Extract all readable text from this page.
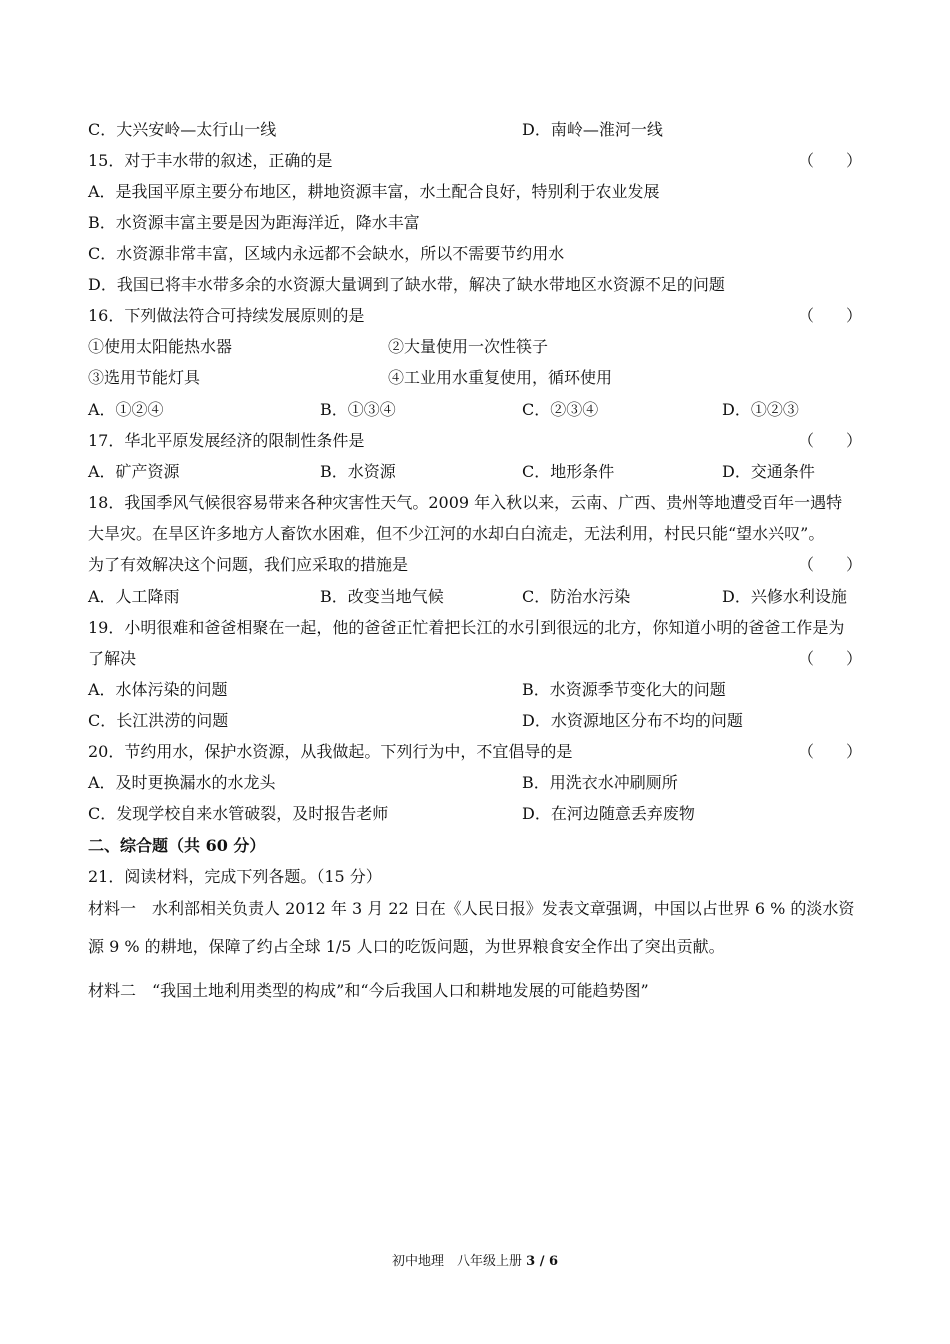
C．大兴安岭—太行山一线	D．南岭—淮河一线
15．对于丰水带的叙述，正确的是	（　　）
A．是我国平原主要分布地区，耕地资源丰富，水土配合良好，特别利于农业发展
B．水资源丰富主要是因为距海洋近，降水丰富
C．水资源非常丰富，区域内永远都不会缺水，所以不需要节约用水
D．我国已将丰水带多余的水资源大量调到了缺水带，解决了缺水带地区水资源不足的问题
16．下列做法符合可持续发展原则的是	（　　）
①使用太阳能热水器	②大量使用一次性筷子
③选用节能灯具	④工业用水重复使用，循环使用
A．①②④	B．①③④	C．②③④	D．①②③
17．华北平原发展经济的限制性条件是	（　　）
A．矿产资源	B．水资源	C．地形条件	D．交通条件
18．我国季风气候很容易带来各种灾害性天气。2009 年入秋以来，云南、广西、贵州等地遭受百年一遇特
大旱灾。在旱区许多地方人畜饮水困难，但不少江河的水却白白流走，无法利用，村民只能“望水兴叹”。
为了有效解决这个问题，我们应采取的措施是	（　　）
A．人工降雨	B．改变当地气候	C．防治水污染	D．兴修水利设施
19．小明很难和爸爸相聚在一起，他的爸爸正忙着把长江的水引到很远的北方，你知道小明的爸爸工作是为
了解决	（　　）
A．水体污染的问题	B．水资源季节变化大的问题
C．长江洪涝的问题	D．水资源地区分布不均的问题
20．节约用水，保护水资源，从我做起。下列行为中，不宜倡导的是	（　　）
A．及时更换漏水的水龙头	B．用洗衣水冲刷厕所
C．发现学校自来水管破裂，及时报告老师	D．在河边随意丢弃废物
二、综合题（共 60 分）
21．阅读材料，完成下列各题。（15 分）
材料一　水利部相关负责人 2012 年 3 月 22 日在《人民日报》发表文章强调，中国以占世界 6 % 的淡水资
源 9 % 的耕地，保障了约占全球 1/5 人口的吃饭问题，为世界粮食安全作出了突出贡献。
材料二　“我国土地利用类型的构成”和“今后我国人口和耕地发展的可能趋势图”
初中地理　八年级上册 3 / 6
